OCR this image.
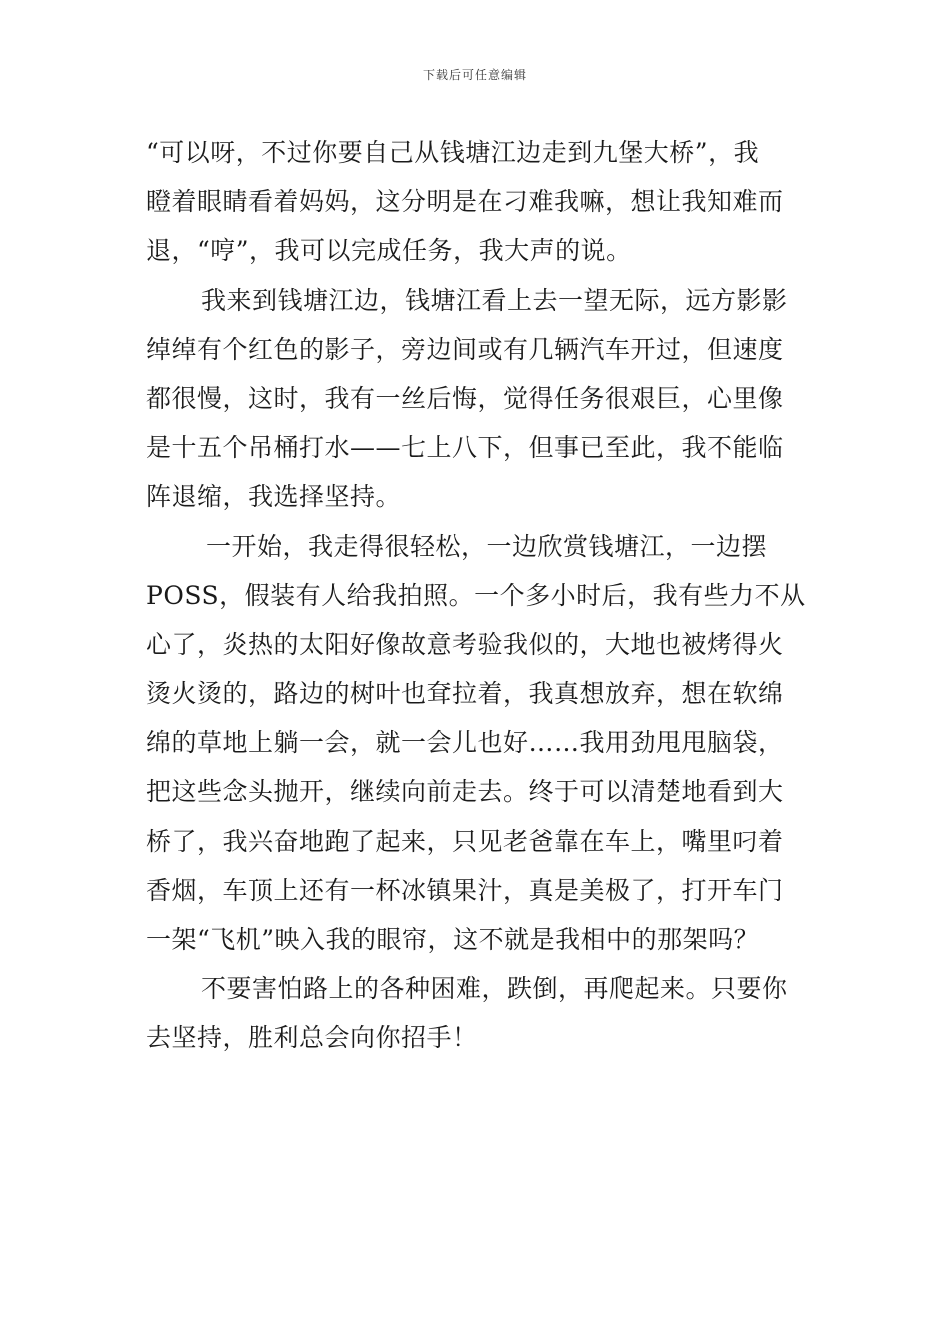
下载后可任意编辑
“可以呀，不过你要自己从钱塘江边走到九堡大桥”，我
瞪着眼睛看着妈妈，这分明是在刁难我嘛，想让我知难而
退，“哼”，我可以完成任务，我大声的说。
我来到钱塘江边，钱塘江看上去一望无际，远方影影
绰绰有个红色的影子，旁边间或有几辆汽车开过，但速度
都很慢，这时，我有一丝后悔，觉得任务很艰巨，心里像
是十五个吊桶打水——七上八下，但事已至此，我不能临
阵退缩，我选择坚持。
一开始，我走得很轻松，一边欣赏钱塘江，一边摆
POSS，假装有人给我拍照。一个多小时后，我有些力不从
心了，炎热的太阳好像故意考验我似的，大地也被烤得火
烫火烫的，路边的树叶也耷拉着，我真想放弃，想在软绵
绵的草地上躺一会，就一会儿也好……我用劲甩甩脑袋，
把这些念头抛开，继续向前走去。终于可以清楚地看到大
桥了，我兴奋地跑了起来，只见老爸靠在车上，嘴里叼着
香烟，车顶上还有一杯冰镇果汁，真是美极了，打开车门
一架“飞机”映入我的眼帘，这不就是我相中的那架吗？
不要害怕路上的各种困难，跌倒，再爬起来。只要你
去坚持，胜利总会向你招手！
